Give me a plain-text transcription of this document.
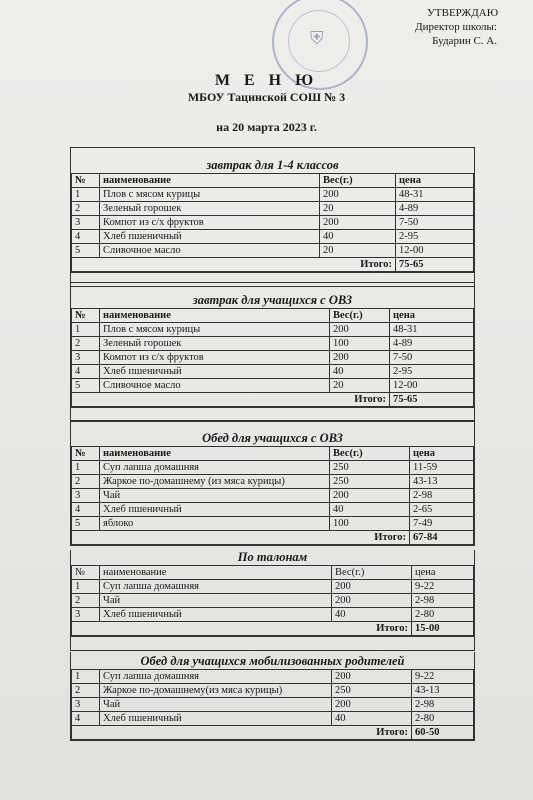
⛨
УТВЕРЖДАЮ
Директор школы:
Бударин С. А.
М Е Н Ю
МБОУ Тацинской СОШ № 3
на 20 марта 2023 г.
завтрак для 1-4 классов
№	наименование	Вес(г.)	цена
1	Плов с мясом курицы	200	48-31
2	Зеленый горошек	20	4-89
3	Компот из с/х фруктов	200	7-50
4	Хлеб пшеничный	40	2-95
5	Сливочное масло	20	12-00
Итого:			75-65
завтрак для учащихся с ОВЗ
№	наименование	Вес(г.)	цена
1	Плов с мясом курицы	200	48-31
2	Зеленый горошек	100	4-89
3	Компот из с/х фруктов	200	7-50
4	Хлеб пшеничный	40	2-95
5	Сливочное масло	20	12-00
Итого:			75-65
Обед для учащихся с ОВЗ
№	наименование	Вес(г.)	цена
1	Суп лапша домашняя	250	11-59
2	Жаркое по-домашнему (из мяса курицы)	250	43-13
3	Чай	200	2-98
4	Хлеб пшеничный	40	2-65
5	яблоко	100	7-49
Итого:			67-84
По талонам
№	наименование	Вес(г.)	цена
1	Суп лапша домашняя	200	9-22
2	Чай	200	2-98
3	Хлеб пшеничный	40	2-80
Итого:			15-00
Обед для учащихся мобилизованных родителей
1	Суп лапша домашняя	200	9-22
2	Жаркое по-домашнему(из мяса курицы)	250	43-13
3	Чай	200	2-98
4	Хлеб пшеничный	40	2-80
Итого:			60-50
